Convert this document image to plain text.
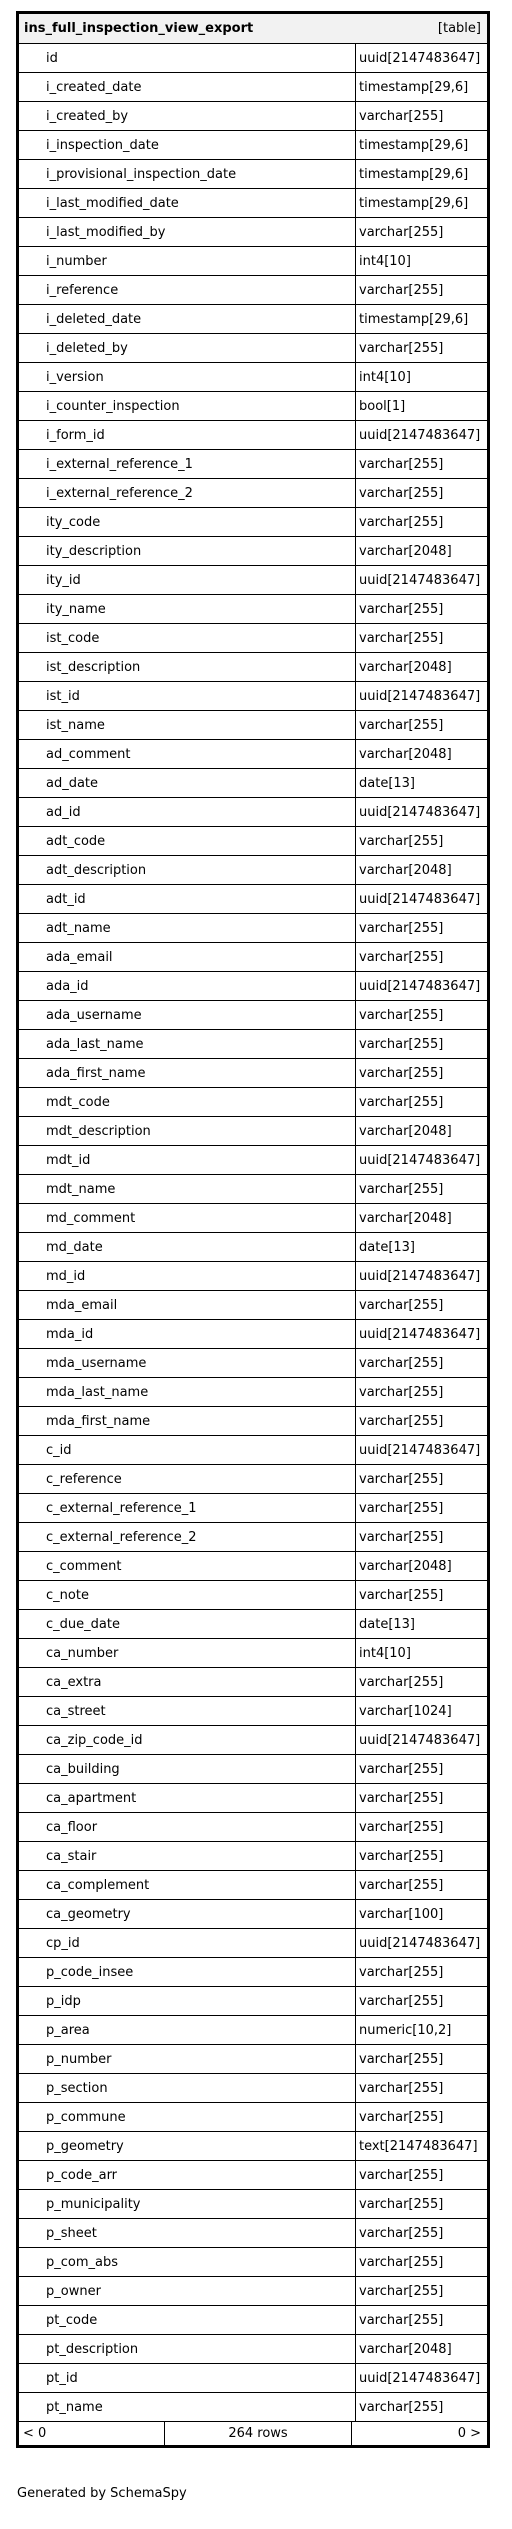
ins_full_inspection_view_export	[table]
id	uuid[2147483647]
i_created_date	timestamp[29,6]
i_created_by	varchar[255]
i_inspection_date	timestamp[29,6]
i_provisional_inspection_date	timestamp[29,6]
i_last_modified_date	timestamp[29,6]
i_last_modified_by	varchar[255]
i_number	int4[10]
i_reference	varchar[255]
i_deleted_date	timestamp[29,6]
i_deleted_by	varchar[255]
i_version	int4[10]
i_counter_inspection	bool[1]
i_form_id	uuid[2147483647]
i_external_reference_1	varchar[255]
i_external_reference_2	varchar[255]
ity_code	varchar[255]
ity_description	varchar[2048]
ity_id	uuid[2147483647]
ity_name	varchar[255]
ist_code	varchar[255]
ist_description	varchar[2048]
ist_id	uuid[2147483647]
ist_name	varchar[255]
ad_comment	varchar[2048]
ad_date	date[13]
ad_id	uuid[2147483647]
adt_code	varchar[255]
adt_description	varchar[2048]
adt_id	uuid[2147483647]
adt_name	varchar[255]
ada_email	varchar[255]
ada_id	uuid[2147483647]
ada_username	varchar[255]
ada_last_name	varchar[255]
ada_first_name	varchar[255]
mdt_code	varchar[255]
mdt_description	varchar[2048]
mdt_id	uuid[2147483647]
mdt_name	varchar[255]
md_comment	varchar[2048]
md_date	date[13]
md_id	uuid[2147483647]
mda_email	varchar[255]
mda_id	uuid[2147483647]
mda_username	varchar[255]
mda_last_name	varchar[255]
mda_first_name	varchar[255]
c_id	uuid[2147483647]
c_reference	varchar[255]
c_external_reference_1	varchar[255]
c_external_reference_2	varchar[255]
c_comment	varchar[2048]
c_note	varchar[255]
c_due_date	date[13]
ca_number	int4[10]
ca_extra	varchar[255]
ca_street	varchar[1024]
ca_zip_code_id	uuid[2147483647]
ca_building	varchar[255]
ca_apartment	varchar[255]
ca_floor	varchar[255]
ca_stair	varchar[255]
ca_complement	varchar[255]
ca_geometry	varchar[100]
cp_id	uuid[2147483647]
p_code_insee	varchar[255]
p_idp	varchar[255]
p_area	numeric[10,2]
p_number	varchar[255]
p_section	varchar[255]
p_commune	varchar[255]
p_geometry	text[2147483647]
p_code_arr	varchar[255]
p_municipality	varchar[255]
p_sheet	varchar[255]
p_com_abs	varchar[255]
p_owner	varchar[255]
pt_code	varchar[255]
pt_description	varchar[2048]
pt_id	uuid[2147483647]
pt_name	varchar[255]
< 0	264 rows	0 >
Generated by SchemaSpy
